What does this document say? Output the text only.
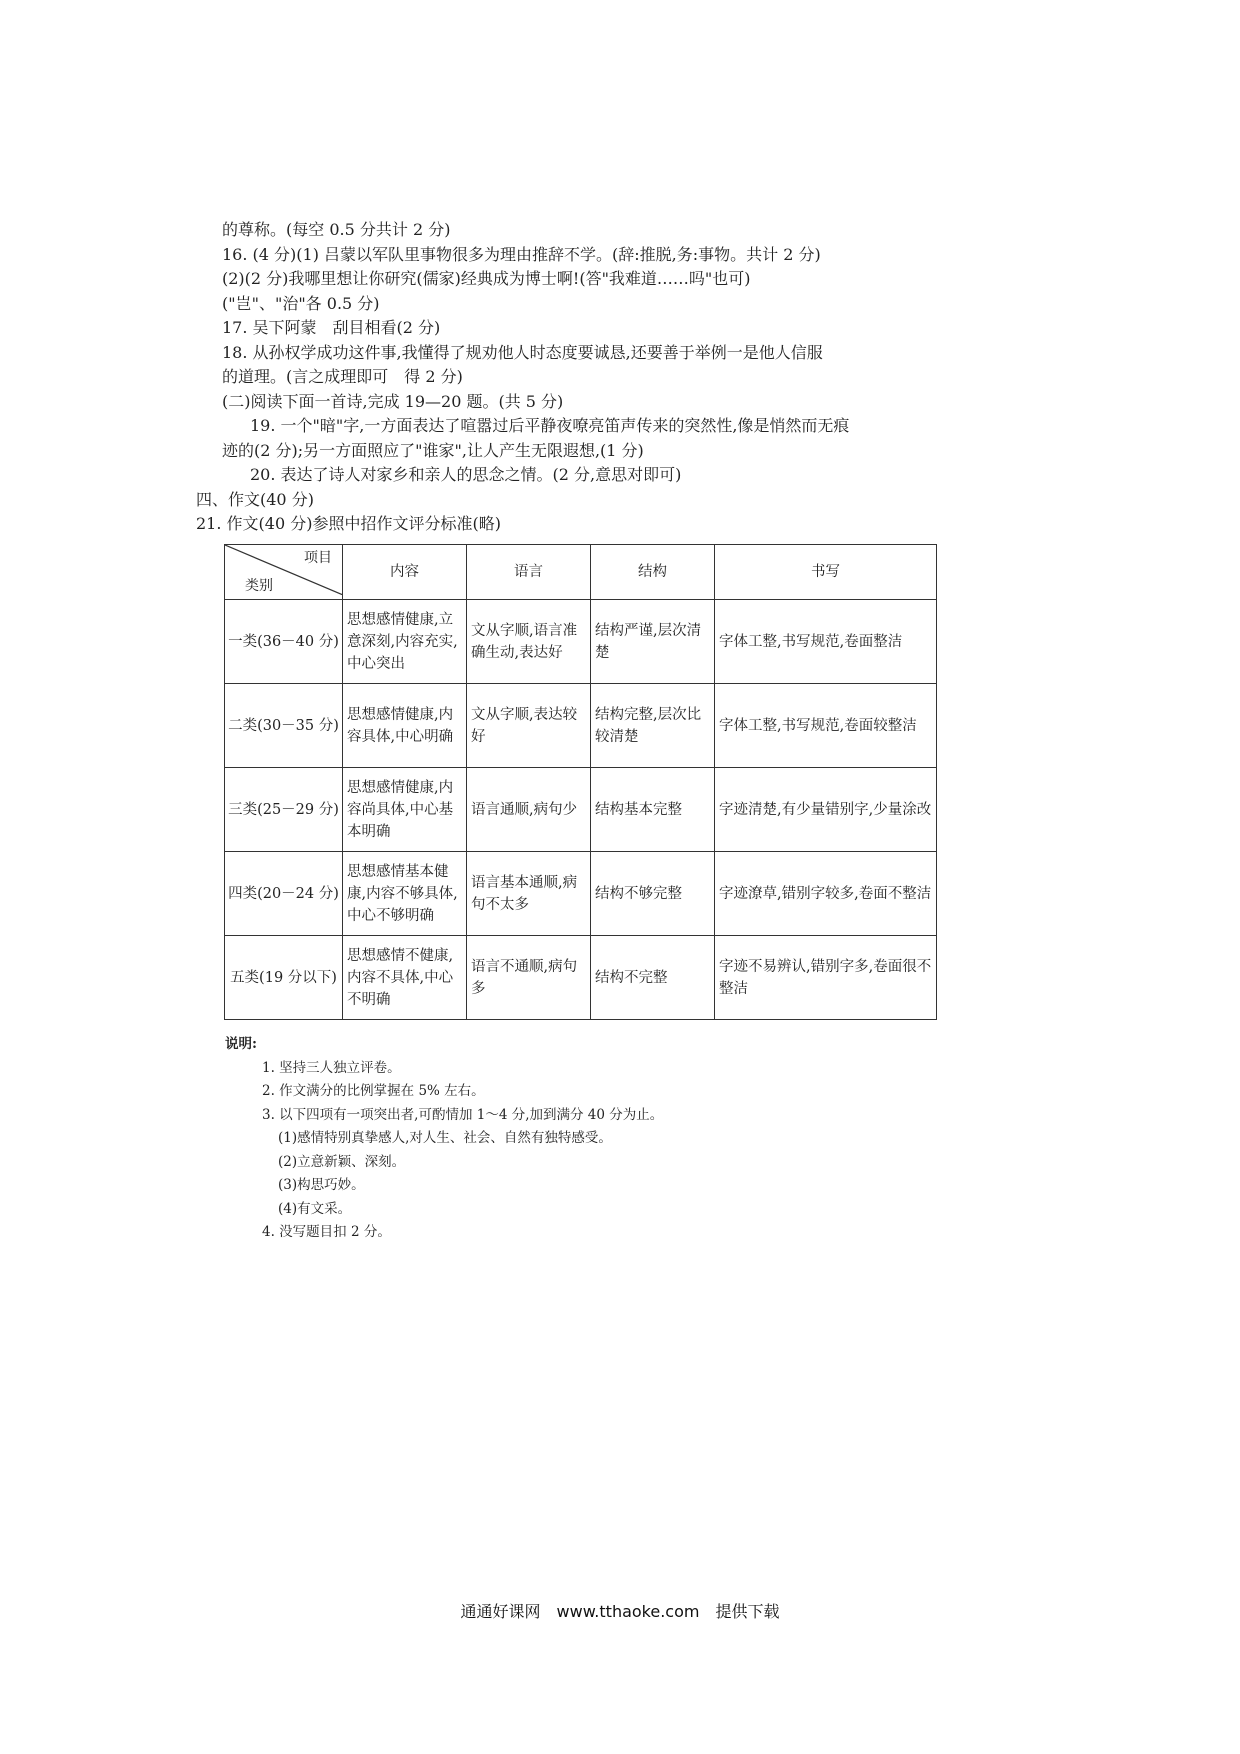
的尊称。(每空 0.5 分共计 2 分)
16. (4 分)(1) 吕蒙以军队里事物很多为理由推辞不学。(辞:推脱,务:事物。共计 2 分)
(2)(2 分)我哪里想让你研究(儒家)经典成为博士啊!(答"我难道……吗"也可)
("岂"、"治"各 0.5 分)
17. 吴下阿蒙　刮目相看(2 分)
18. 从孙权学成功这件事,我懂得了规劝他人时态度要诚恳,还要善于举例一是他人信服
的道理。(言之成理即可　得 2 分)
(二)阅读下面一首诗,完成 19—20 题。(共 5 分)
19. 一个"暗"字,一方面表达了喧嚣过后平静夜嘹亮笛声传来的突然性,像是悄然而无痕
迹的(2 分);另一方面照应了"谁家",让人产生无限遐想,(1 分)
20. 表达了诗人对家乡和亲人的思念之情。(2 分,意思对即可)
四、作文(40 分)
21. 作文(40 分)参照中招作文评分标准(略)
项目
类别	内容	语言	结构	书写
一类(36－40 分)	思想感情健康,立意深刻,内容充实,中心突出	文从字顺,语言准确生动,表达好	结构严谨,层次清楚	字体工整,书写规范,卷面整洁
二类(30－35 分)	思想感情健康,内容具体,中心明确	文从字顺,表达较好	结构完整,层次比较清楚	字体工整,书写规范,卷面较整洁
三类(25－29 分)	思想感情健康,内容尚具体,中心基本明确	语言通顺,病句少	结构基本完整	字迹清楚,有少量错别字,少量涂改
四类(20－24 分)	思想感情基本健康,内容不够具体,中心不够明确	语言基本通顺,病句不太多	结构不够完整	字迹潦草,错别字较多,卷面不整洁
五类(19 分以下)	思想感情不健康,内容不具体,中心不明确	语言不通顺,病句多	结构不完整	字迹不易辨认,错别字多,卷面很不整洁
说明:
1. 坚持三人独立评卷。
2. 作文满分的比例掌握在 5% 左右。
3. 以下四项有一项突出者,可酌情加 1～4 分,加到满分 40 分为止。
(1)感情特别真挚感人,对人生、社会、自然有独特感受。
(2)立意新颖、深刻。
(3)构思巧妙。
(4)有文采。
4. 没写题目扣 2 分。
通通好课网　www.tthaoke.com　提供下载
